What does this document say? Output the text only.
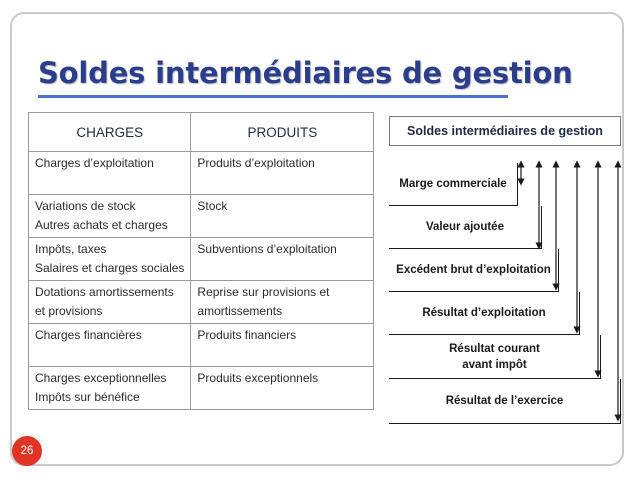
Soldes intermédiaires de gestion
CHARGES	PRODUITS

Charges d’exploitation	Produits d’exploitation

Variations de stock
Autres achats et charges	Stock

Impôts, taxes
Salaires et charges sociales	Subventions d’exploitation

Dotations amortissements
et provisions	Reprise sur provisions et
amortissements

Charges financières	Produits financiers

Charges exceptionnelles
Impôts sur bénéfice	Produits exceptionnels
Soldes intermédiaires de gestion
Marge commerciale
Valeur ajoutée
Excédent brut d’exploitation
Résultat d’exploitation
Résultat courant
avant impôt
Résultat de l’exercice
26
